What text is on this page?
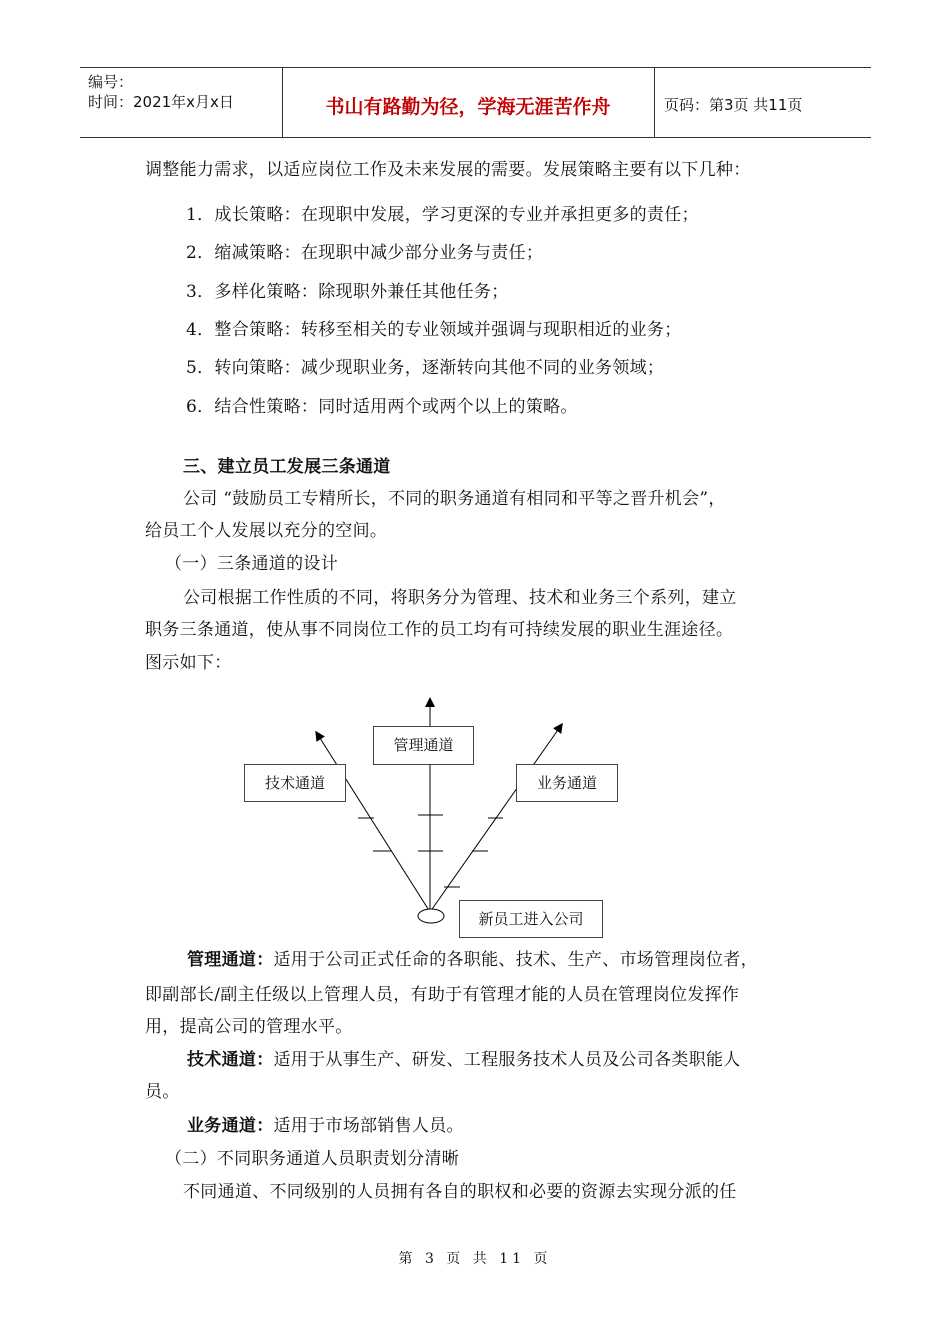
编号：
时间：2021年x月x日	书山有路勤为径，学海无涯苦作舟	页码：第3页 共11页
调整能力需求，以适应岗位工作及未来发展的需要。发展策略主要有以下几种：
1．成长策略：在现职中发展，学习更深的专业并承担更多的责任；
2．缩减策略：在现职中减少部分业务与责任；
3．多样化策略：除现职外兼任其他任务；
4．整合策略：转移至相关的专业领域并强调与现职相近的业务；
5．转向策略：减少现职业务，逐渐转向其他不同的业务领域；
6．结合性策略：同时适用两个或两个以上的策略。
三、建立员工发展三条通道
公司 “鼓励员工专精所长，不同的职务通道有相同和平等之晋升机会”，
给员工个人发展以充分的空间。
（一）三条通道的设计
公司根据工作性质的不同，将职务分为管理、技术和业务三个系列，建立
职务三条通道，使从事不同岗位工作的员工均有可持续发展的职业生涯途径。
图示如下：
管理通道
技术通道	业务通道
新员工进入公司
管理通道：适用于公司正式任命的各职能、技术、生产、市场管理岗位者，
即副部长/副主任级以上管理人员，有助于有管理才能的人员在管理岗位发挥作
用，提高公司的管理水平。
技术通道：适用于从事生产、研发、工程服务技术人员及公司各类职能人
员。
业务通道：适用于市场部销售人员。
（二）不同职务通道人员职责划分清晰
不同通道、不同级别的人员拥有各自的职权和必要的资源去实现分派的任
第 3 页 共 11 页
